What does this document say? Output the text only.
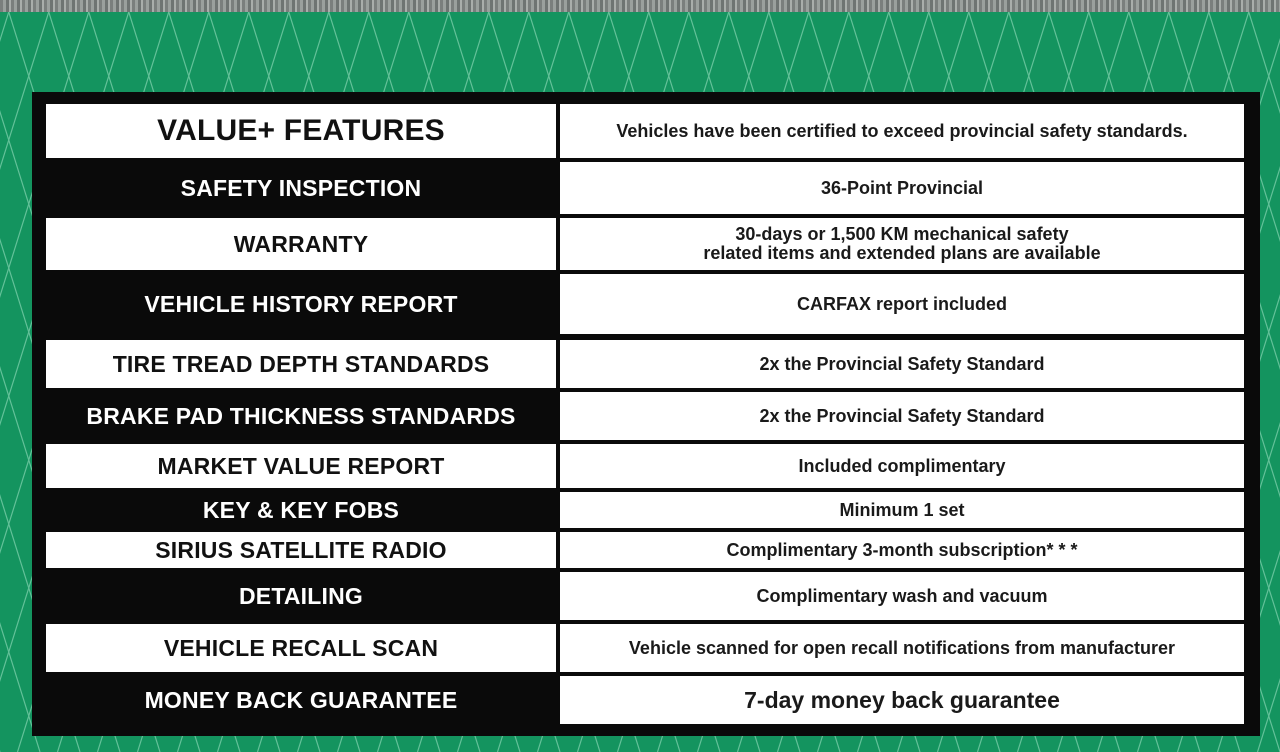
VALUE+ FEATURES	Vehicles have been certified to exceed provincial safety standards.
SAFETY INSPECTION	36-Point Provincial
WARRANTY	30-days or 1,500 KM mechanical safety
related items and extended plans are available
VEHICLE HISTORY REPORT	CARFAX report included
TIRE TREAD DEPTH STANDARDS	2x the Provincial Safety Standard
BRAKE PAD THICKNESS STANDARDS	2x the Provincial Safety Standard
MARKET VALUE REPORT	Included complimentary
KEY & KEY FOBS	Minimum 1 set
SIRIUS SATELLITE RADIO	Complimentary 3-month subscription* * *
DETAILING	Complimentary wash and vacuum
VEHICLE RECALL SCAN	Vehicle scanned for open recall notifications from manufacturer
MONEY BACK GUARANTEE	7-day money back guarantee
